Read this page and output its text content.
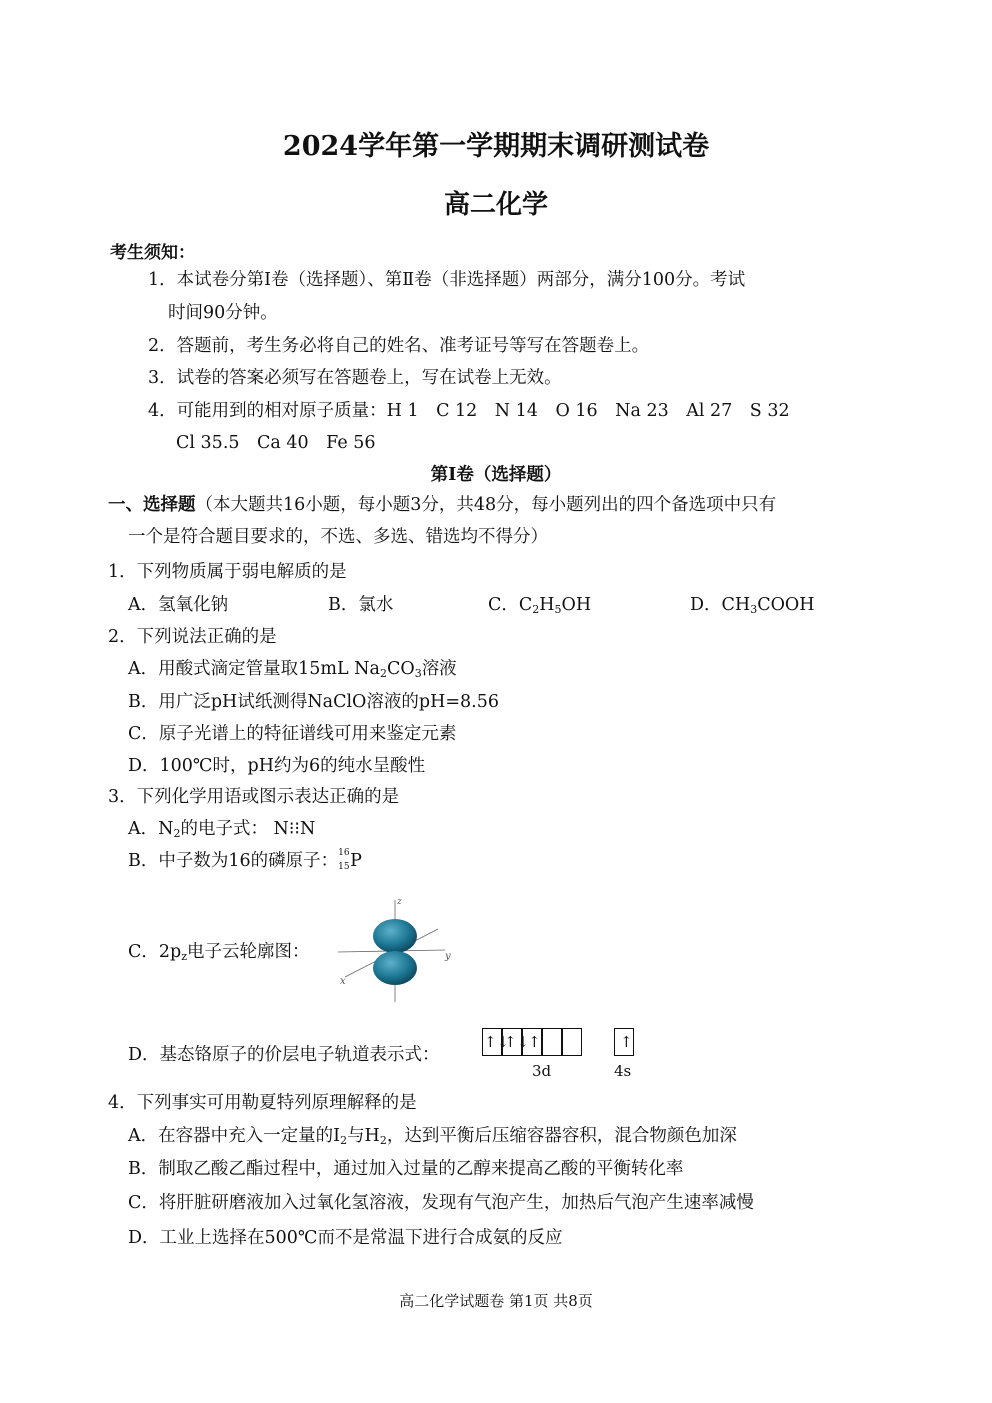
2024学年第一学期期末调研测试卷
高二化学
考生须知：
1．本试卷分第Ⅰ卷（选择题）、第Ⅱ卷（非选择题）两部分，满分100分。考试
时间90分钟。
2．答题前，考生务必将自己的姓名、准考证号等写在答题卷上。
3．试卷的答案必须写在答题卷上，写在试卷上无效。
4．可能用到的相对原子质量：H 1　C 12　N 14　O 16　Na 23　Al 27　S 32
Cl 35.5　Ca 40　Fe 56
第Ⅰ卷（选择题）
一、选择题（本大题共16小题，每小题3分，共48分，每小题列出的四个备选项中只有
一个是符合题目要求的，不选、多选、错选均不得分）
1．下列物质属于弱电解质的是
A．氢氧化钠	B．氯水	C．$C_2H_5OH$	D．$CH_3COOH$
2．下列说法正确的是
A．用酸式滴定管量取15mL $Na_2CO_3$溶液
B．用广泛pH试纸测得NaClO溶液的pH=8.56
C．原子光谱上的特征谱线可用来鉴定元素
D．100℃时，pH约为6的纯水呈酸性
3．下列化学用语或图示表达正确的是
A．$N_2$的电子式： N⁝⁝N
B．中子数为16的磷原子： 16
15 P
C．$2p_z$电子云轮廓图：
z
y
x
D．基态铬原子的价层电子轨道表示式：
↑↓
↑↓
↑	↑
3d	4s
4．下列事实可用勒夏特列原理解释的是
A．在容器中充入一定量的$I_2$与$H_2$，达到平衡后压缩容器容积，混合物颜色加深
B．制取乙酸乙酯过程中，通过加入过量的乙醇来提高乙酸的平衡转化率
C．将肝脏研磨液加入过氧化氢溶液，发现有气泡产生，加热后气泡产生速率减慢
D．工业上选择在500℃而不是常温下进行合成氨的反应
高二化学试题卷 第1页 共8页
